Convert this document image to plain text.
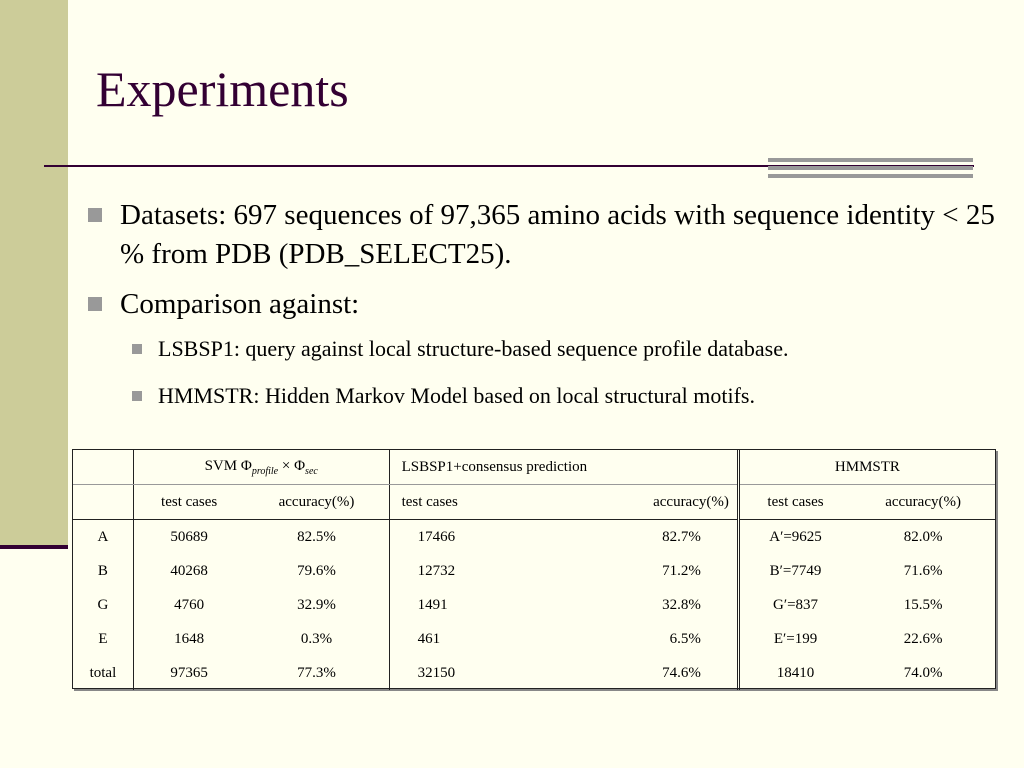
Experiments
Datasets: 697 sequences of 97,365 amino acids with sequence identity < 25 % from PDB (PDB_SELECT25).
Comparison against:
LSBSP1: query against local structure-based sequence profile database.
HMMSTR: Hidden Markov Model based on local structural motifs.
	SVM $\Phi_{profile} \times \Phi_{sec}$		LSBSP1+consensus prediction		HMMSTR	
	test cases	accuracy(%)	test cases	accuracy(%)	test cases	accuracy(%)
A	50689	82.5%	17466	82.7%	A′=9625	82.0%
B	40268	79.6%	12732	71.2%	B′=7749	71.6%
G	4760	32.9%	1491	32.8%	G′=837	15.5%
E	1648	0.3%	461	6.5%	E′=199	22.6%
total	97365	77.3%	32150	74.6%	18410	74.0%
